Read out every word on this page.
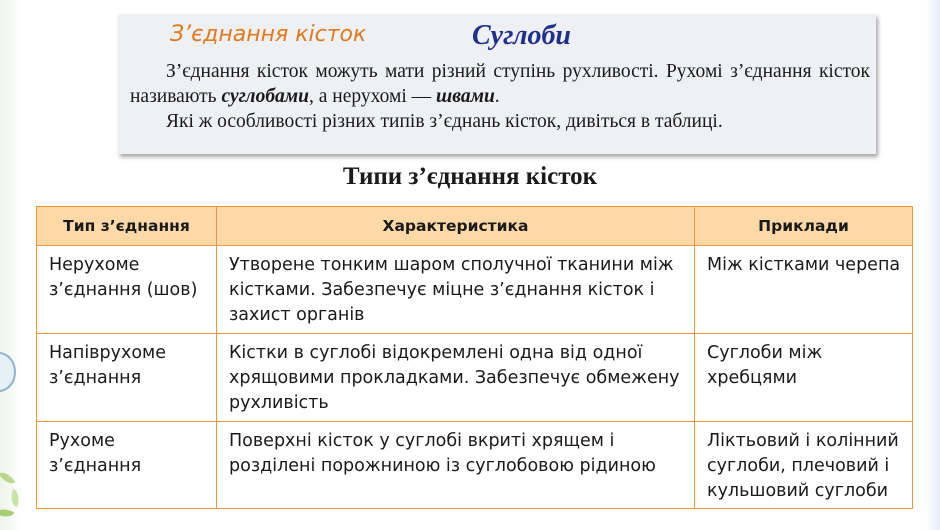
З’єднання кісток	Суглоби

З’єднання кісток можуть мати різний ступінь рухливості. Рухомі з’єднання кісток називають суглобами, а нерухомі — швами.

Які ж особливості різних типів з’єднань кісток, дивіться в таблиці.

Типи з’єднання кісток
Тип з’єднання	Характеристика	Приклади
Нерухоме з’єднання (шов)	Утворене тонким шаром сполучної тканини між кістками. Забезпечує міцне з’єднання кісток і захист органів	Між кістками черепа
Напіврухоме з’єднання	Кістки в суглобі відокремлені одна від одної хрящовими прокладками. Забезпечує обмежену рухливість	Суглоби між хребцями
Рухоме з’єднання	Поверхні кісток у суглобі вкриті хрящем і розділені порожниною із суглобовою рідиною	Ліктьовий і колінний суглоби, плечовий і кульшовий суглоби
